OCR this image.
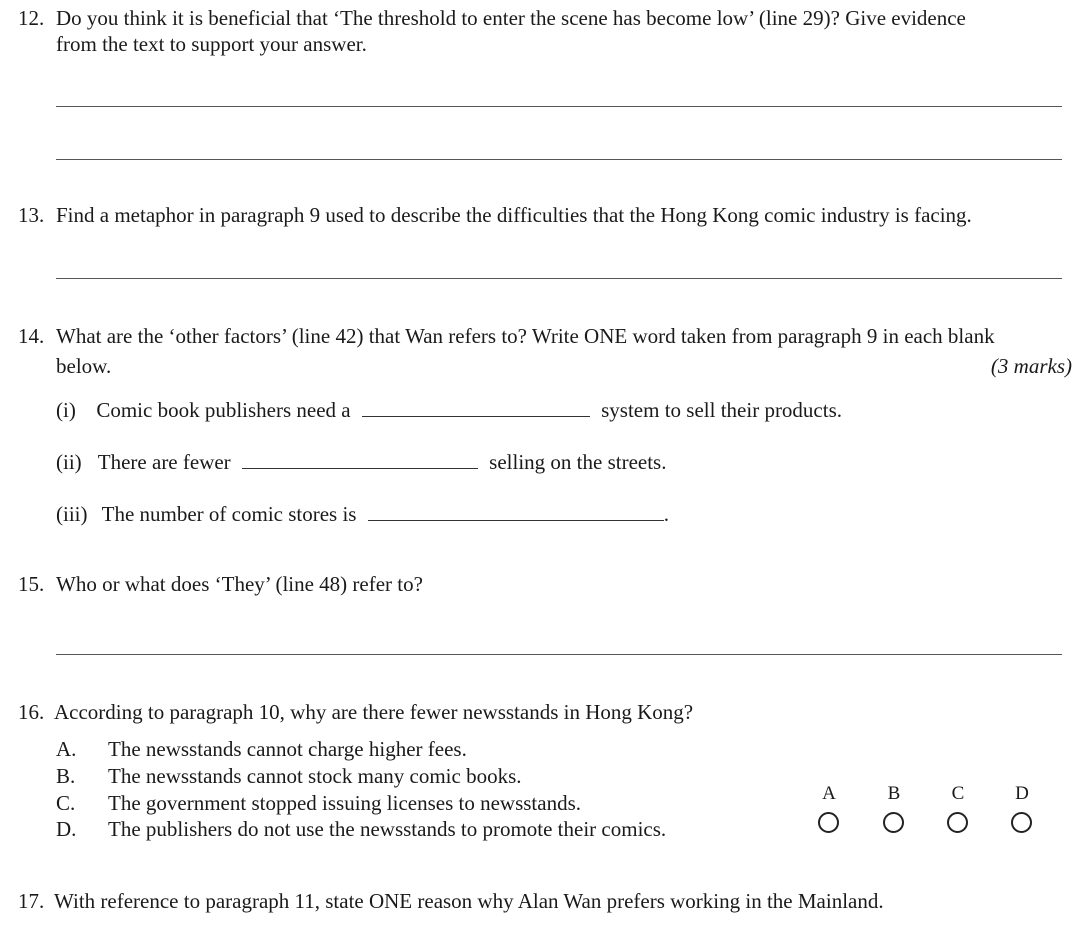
12. Do you think it is beneficial that ‘The threshold to enter the scene has become low’ (line 29)? Give evidence
from the text to support your answer.
13. Find a metaphor in paragraph 9 used to describe the difficulties that the Hong Kong comic industry is facing.
14. What are the ‘other factors’ (line 42) that Wan refers to? Write ONE word taken from paragraph 9 in each blank
below.	(3 marks)
(i) Comic book publishers need a	system to sell their products.
(ii) There are fewer	selling on the streets.
(iii) The number of comic stores is	.
15. Who or what does ‘They’ (line 48) refer to?
16. According to paragraph 10, why are there fewer newsstands in Hong Kong?
A. The newsstands cannot charge higher fees.
B. The newsstands cannot stock many comic books.
C. The government stopped issuing licenses to newsstands.
D. The publishers do not use the newsstands to promote their comics.
A	B	C	D
17. With reference to paragraph 11, state ONE reason why Alan Wan prefers working in the Mainland.
